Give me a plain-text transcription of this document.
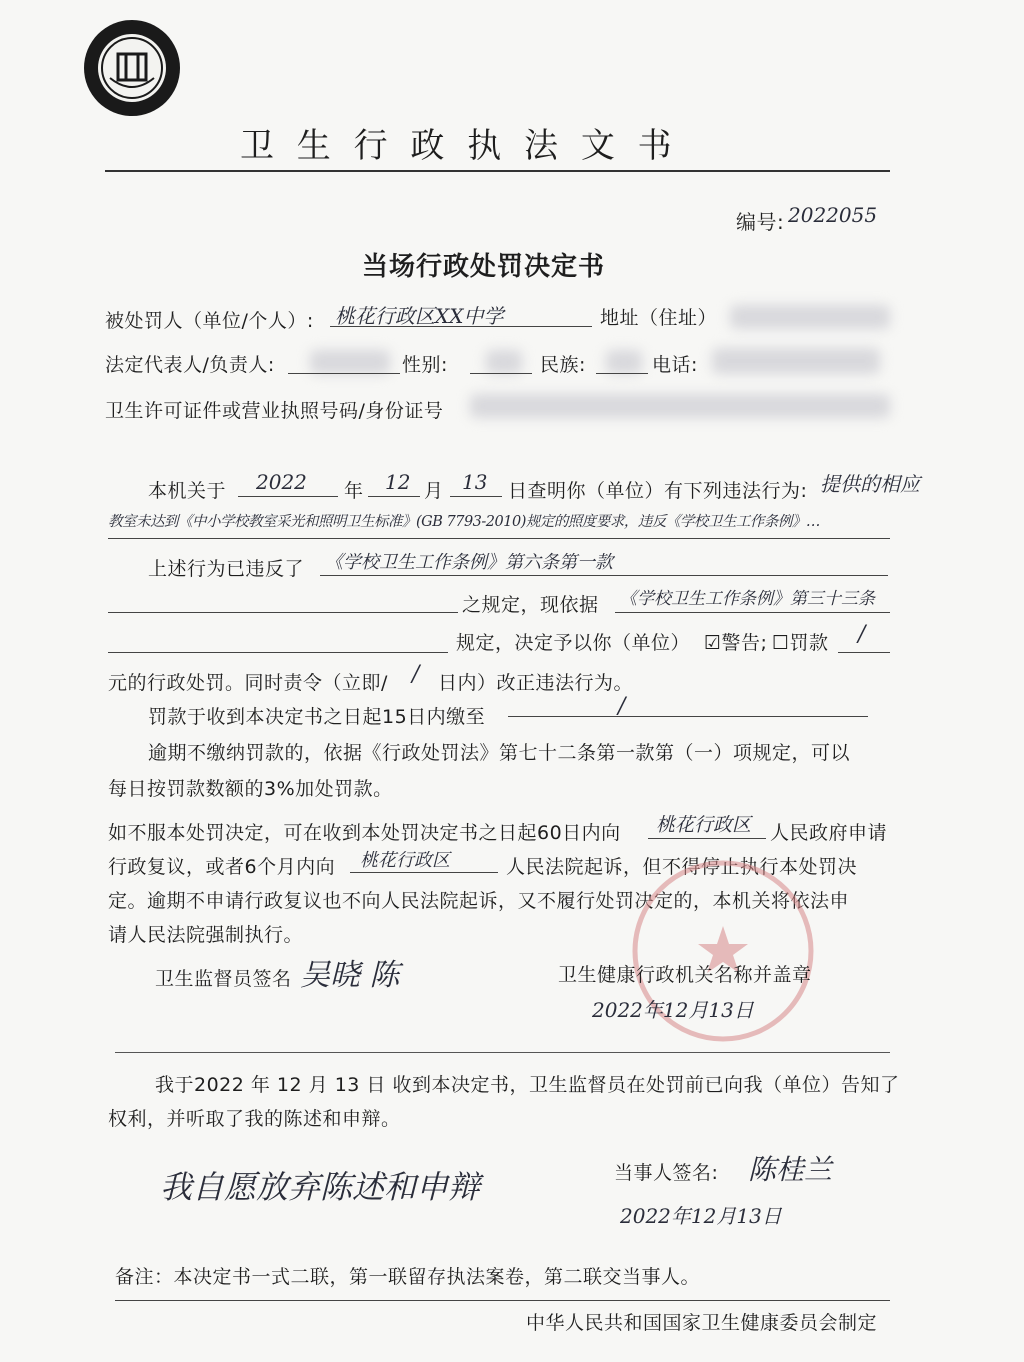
卫 生 行 政 执 法 文 书
编号: 2022055
当场行政处罚决定书
被处罚人（单位/个人）: 桃花行政区XX中学	地址（住址）
法定代表人/负责人:	性别:	民族:	电话:
卫生许可证件或营业执照号码/身份证号
本机关于 2022 年 12 月 13 日查明你（单位）有下列违法行为: 提供的相应
教室未达到《中小学校教室采光和照明卫生标准》(GB 7793-2010)规定的照度要求，违反《学校卫生工作条例》…
上述行为已违反了 《学校卫生工作条例》第六条第一款
之规定，现依据 《学校卫生工作条例》第三十三条
规定，决定予以你（单位） ☑警告; ☐罚款 /
元的行政处罚。同时责令（立即/ / 日内）改正违法行为。
罚款于收到本决定书之日起15日内缴至	/
逾期不缴纳罚款的，依据《行政处罚法》第七十二条第一款第（一）项规定，可以
每日按罚款数额的3%加处罚款。
如不服本处罚决定，可在收到本处罚决定书之日起60日内向 桃花行政区 人民政府申请
行政复议，或者6个月内向 桃花行政区	人民法院起诉，但不得停止执行本处罚决
定。逾期不申请行政复议也不向人民法院起诉，又不履行处罚决定的，本机关将依法申
请人民法院强制执行。
卫生监督员签名 吴晓 陈	卫生健康行政机关名称并盖章
2022年12月13日
我于2022 年 12 月 13 日 收到本决定书，卫生监督员在处罚前已向我（单位）告知了
权利，并听取了我的陈述和申辩。
我自愿放弃陈述和申辩	当事人签名: 陈桂兰
2022年12月13日
备注：本决定书一式二联，第一联留存执法案卷，第二联交当事人。
中华人民共和国国家卫生健康委员会制定
